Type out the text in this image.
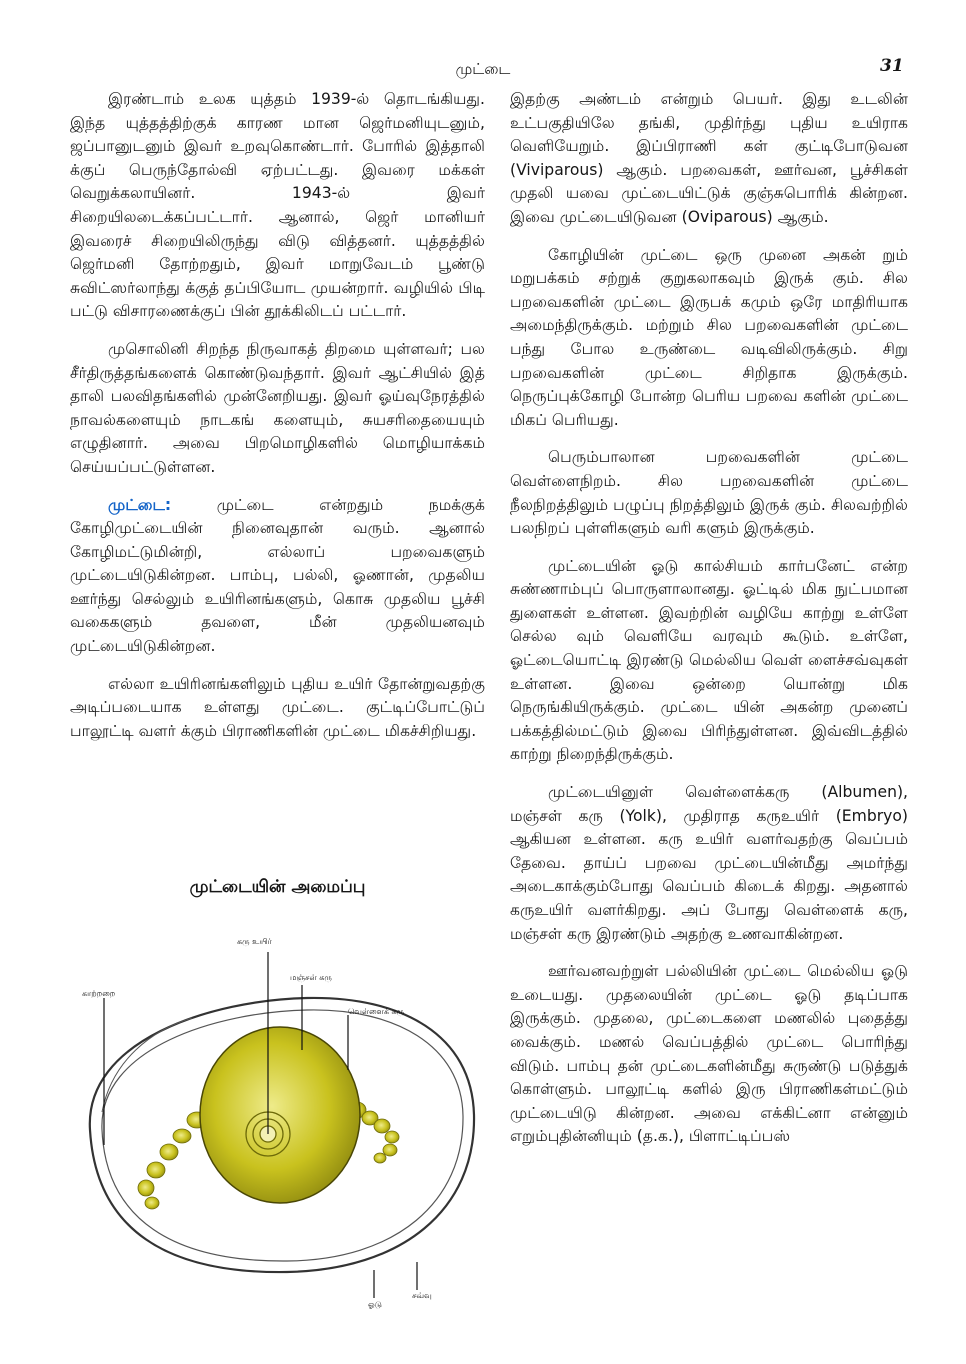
முட்டை	31

இரண்டாம் உலக யுத்தம் 1939-ல் தொடங்கியது. இந்த யுத்தத்திற்குக் காரண மான ஜெர்மனியுடனும், ஜப்பானுடனும் இவர் உறவுகொண்டார். போரில் இத்தாலி க்குப் பெருந்தோல்வி ஏற்பட்டது. இவரை மக்கள் வெறுக்கலாயினர். 1943-ல் இவர் சிறையிலடைக்கப்பட்டார். ஆனால், ஜெர் மானியர் இவரைச் சிறையிலிருந்து விடு வித்தனர். யுத்தத்தில் ஜெர்மனி தோற்றதும், இவர் மாறுவேடம் பூண்டு சுவிட்ஸர்லாந்து க்குத் தப்பியோட முயன்றார். வழியில் பிடி பட்டு விசாரணைக்குப் பின் தூக்கிலிடப் பட்டார்.

முசொலினி சிறந்த நிருவாகத் திறமை யுள்ளவர்; பல சீர்திருத்தங்களைக் கொண்டுவந்தார். இவர் ஆட்சியில் இத் தாலி பலவிதங்களில் முன்னேறியது. இவர் ஓய்வுநேரத்தில் நாவல்களையும் நாடகங் களையும், சுயசரிதையையும் எழுதினார். அவை பிறமொழிகளில் மொழியாக்கம் செய்யப்பட்டுள்ளன.

முட்டை: முட்டை என்றதும் நமக்குக் கோழிமுட்டையின் நினைவுதான் வரும். ஆனால் கோழிமட்டுமின்றி, எல்லாப் பறவைகளும் முட்டையிடுகின்றன. பாம்பு, பல்லி, ஓணான், முதலிய ஊர்ந்து செல்லும் உயிரினங்களும், கொசு முதலிய பூச்சி வகைகளும் தவளை, மீன் முதலியனவும் முட்டையிடுகின்றன.

எல்லா உயிரினங்களிலும் புதிய உயிர் தோன்றுவதற்கு அடிப்படையாக உள்ளது முட்டை. குட்டிப்போட்டுப் பாலூட்டி வளர் க்கும் பிராணிகளின் முட்டை மிகச்சிறியது.

முட்டையின் அமைப்பு
கரு உயிர்
மஞ்சள் கரு
காற்றறை
வெள்ளைக் கரு
சவ்வு
ஓடு

இதற்கு அண்டம் என்றும் பெயர். இது உடலின் உட்பகுதியிலே தங்கி, முதிர்ந்து புதிய உயிராக வெளியேறும். இப்பிராணி கள் குட்டிபோடுவன (Viviparous) ஆகும். பறவைகள், ஊர்வன, பூச்சிகள் முதலி யவை முட்டையிட்டுக் குஞ்சுபொரிக் கின்றன. இவை முட்டையிடுவன (Oviparous) ஆகும்.

கோழியின் முட்டை ஒரு முனை அகன் றும் மறுபக்கம் சற்றுக் குறுகலாகவும் இருக் கும். சில பறவைகளின் முட்டை இருபக் கமும் ஒரே மாதிரியாக அமைந்திருக்கும். மற்றும் சில பறவைகளின் முட்டை பந்து போல உருண்டை வடிவிலிருக்கும். சிறு பறவைகளின் முட்டை சிறிதாக இருக்கும். நெருப்புக்கோழி போன்ற பெரிய பறவை களின் முட்டை மிகப் பெரியது.

பெரும்பாலான பறவைகளின் முட்டை வெள்ளைநிறம். சில பறவைகளின் முட்டை நீலநிறத்திலும் பழுப்பு நிறத்திலும் இருக் கும். சிலவற்றில் பலநிறப் புள்ளிகளும் வரி களும் இருக்கும்.

முட்டையின் ஓடு கால்சியம் கார்பனேட் என்ற சுண்ணாம்புப் பொருளாலானது. ஓட்டில் மிக நுட்பமான துளைகள் உள்ளன. இவற்றின் வழியே காற்று உள்ளே செல்ல வும் வெளியே வரவும் கூடும். உள்ளே, ஓட்டையொட்டி இரண்டு மெல்லிய வெள் ளைச்சவ்வுகள் உள்ளன. இவை ஒன்றை யொன்று மிக நெருங்கியிருக்கும். முட்டை யின் அகன்ற முனைப் பக்கத்தில்மட்டும் இவை பிரிந்துள்ளன. இவ்விடத்தில் காற்று நிறைந்திருக்கும்.

முட்டையினுள் வெள்ளைக்கரு (Albumen), மஞ்சள் கரு (Yolk), முதிராத கருஉயிர் (Embryo) ஆகியன உள்ளன. கரு உயிர் வளர்வதற்கு வெப்பம் தேவை. தாய்ப் பறவை முட்டையின்மீது அமர்ந்து அடைகாக்கும்போது வெப்பம் கிடைக் கிறது. அதனால் கருஉயிர் வளர்கிறது. அப் போது வெள்ளைக் கரு, மஞ்சள் கரு இரண்டும் அதற்கு உணவாகின்றன.

ஊர்வனவற்றுள் பல்லியின் முட்டை மெல்லிய ஓடு உடையது. முதலையின் முட்டை ஓடு தடிப்பாக இருக்கும். முதலை, முட்டைகளை மணலில் புதைத்து வைக்கும். மணல் வெப்பத்தில் முட்டை பொரிந்து விடும். பாம்பு தன் முட்டைகளின்மீது சுருண்டு படுத்துக் கொள்ளும். பாலூட்டி களில் இரு பிராணிகள்மட்டும் முட்டையிடு கின்றன. அவை எக்கிட்னா என்னும் எறும்புதின்னியும் (த.க.), பிளாட்டிப்பஸ்
